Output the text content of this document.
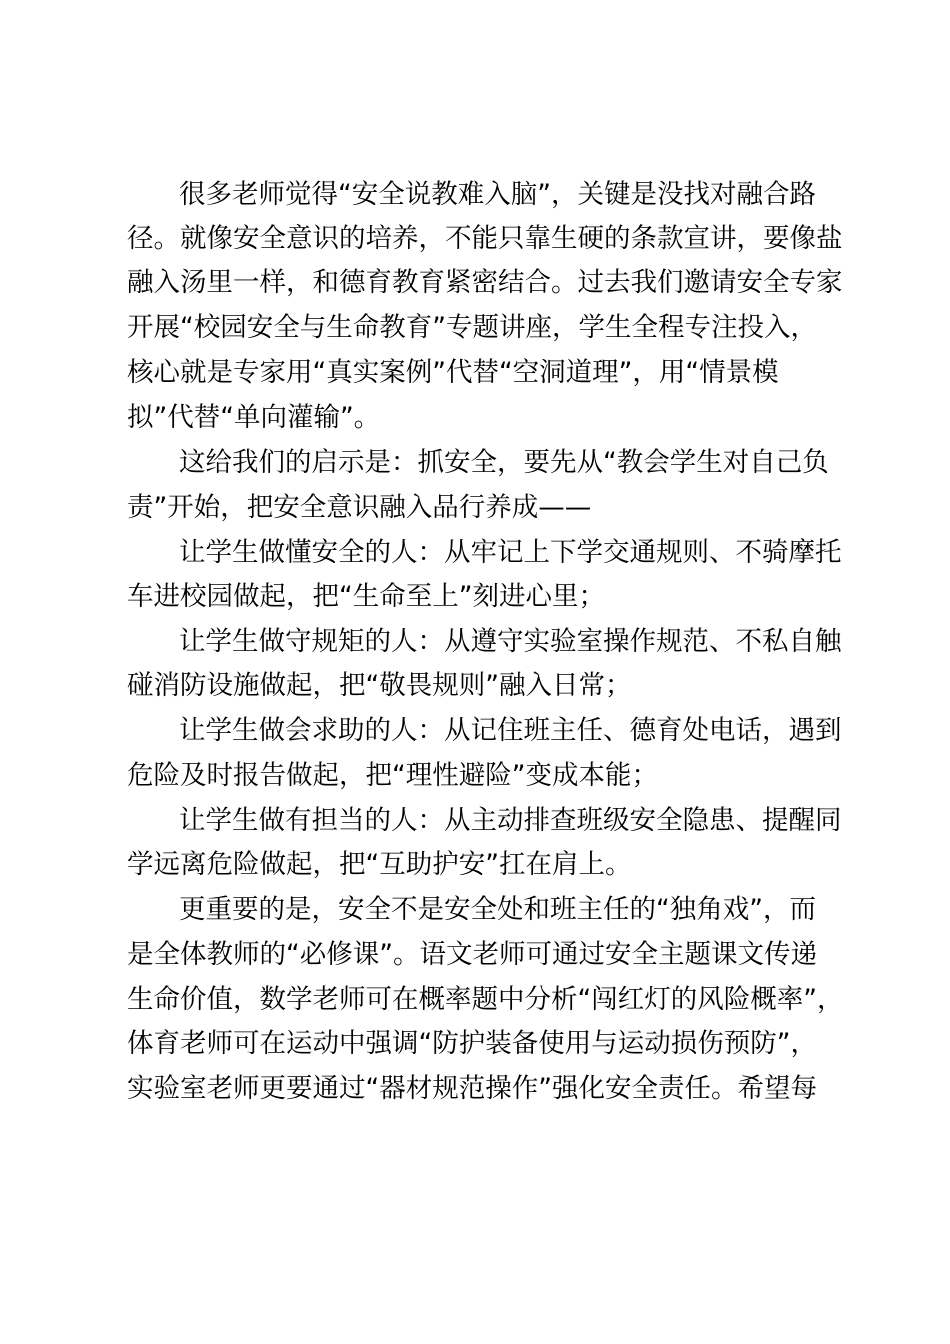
很多老师觉得“安全说教难入脑”，关键是没找对融合路
径。就像安全意识的培养，不能只靠生硬的条款宣讲，要像盐
融入汤里一样，和德育教育紧密结合。过去我们邀请安全专家
开展“校园安全与生命教育”专题讲座，学生全程专注投入，
核心就是专家用“真实案例”代替“空洞道理”，用“情景模
拟”代替“单向灌输”。
这给我们的启示是：抓安全，要先从“教会学生对自己负
责”开始，把安全意识融入品行养成——
让学生做懂安全的人：从牢记上下学交通规则、不骑摩托
车进校园做起，把“生命至上”刻进心里；
让学生做守规矩的人：从遵守实验室操作规范、不私自触
碰消防设施做起，把“敬畏规则”融入日常；
让学生做会求助的人：从记住班主任、德育处电话，遇到
危险及时报告做起，把“理性避险”变成本能；
让学生做有担当的人：从主动排查班级安全隐患、提醒同
学远离危险做起，把“互助护安”扛在肩上。
更重要的是，安全不是安全处和班主任的“独角戏”，而
是全体教师的“必修课”。语文老师可通过安全主题课文传递
生命价值，数学老师可在概率题中分析“闯红灯的风险概率”，
体育老师可在运动中强调“防护装备使用与运动损伤预防”，
实验室老师更要通过“器材规范操作”强化安全责任。希望每
